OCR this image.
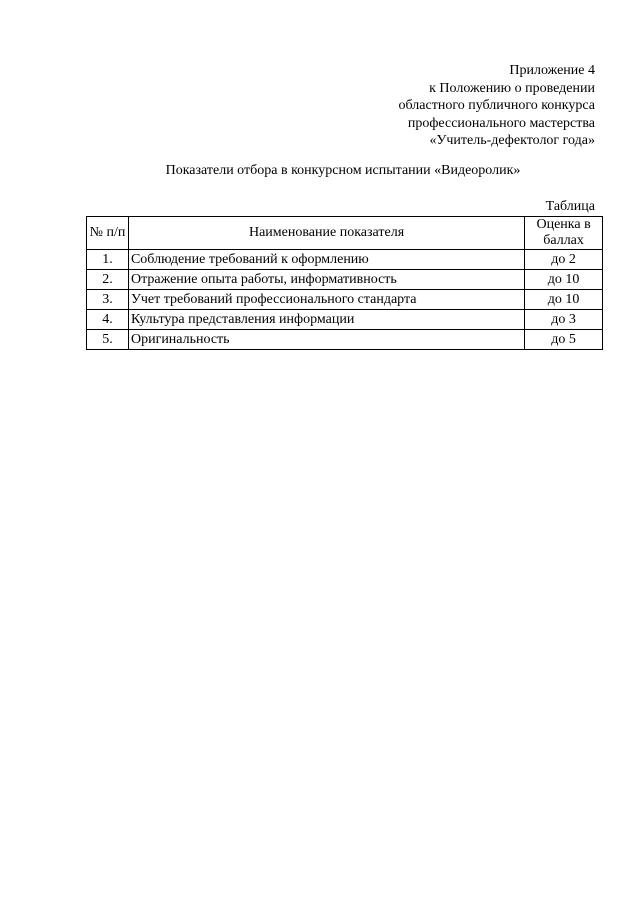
Приложение 4
к Положению о проведении
областного публичного конкурса
профессионального мастерства
«Учитель-дефектолог года»
Показатели отбора в конкурсном испытании «Видеоролик»
Таблица
№ п/п	Наименование показателя	Оценка в баллах
1.	Соблюдение требований к оформлению	до 2
2.	Отражение опыта работы, информативность	до 10
3.	Учет требований профессионального стандарта	до 10
4.	Культура представления информации	до 3
5.	Оригинальность	до 5
